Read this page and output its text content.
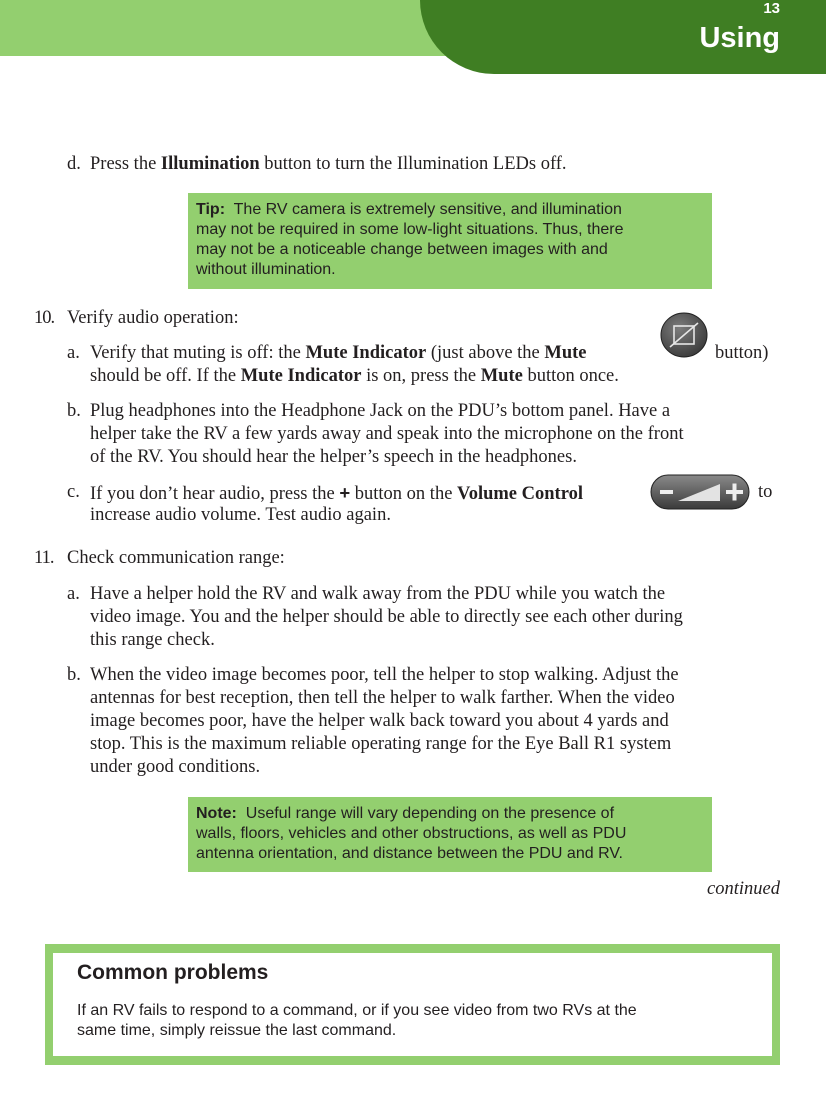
13
Using
d. Press the Illumination button to turn the Illumination LEDs off.
Tip: The RV camera is extremely sensitive, and illumination
may not be required in some low-light situations. Thus, there
may not be a noticeable change between images with and
without illumination.
10. Verify audio operation:
a. Verify that muting is off: the Mute Indicator (just above the Mute	button)
should be off. If the Mute Indicator is on, press the Mute button once.
b. Plug headphones into the Headphone Jack on the PDU’s bottom panel. Have a
helper take the RV a few yards away and speak into the microphone on the front
of the RV. You should hear the helper’s speech in the headphones.
c. If you don’t hear audio, press the + button on the Volume Control	to
increase audio volume. Test audio again.
11. Check communication range:
a. Have a helper hold the RV and walk away from the PDU while you watch the
video image. You and the helper should be able to directly see each other during
this range check.
b. When the video image becomes poor, tell the helper to stop walking. Adjust the
antennas for best reception, then tell the helper to walk farther. When the video
image becomes poor, have the helper walk back toward you about 4 yards and
stop. This is the maximum reliable operating range for the Eye Ball R1 system
under good conditions.
Note: Useful range will vary depending on the presence of
walls, floors, vehicles and other obstructions, as well as PDU
antenna orientation, and distance between the PDU and RV.
continued
Common problems
If an RV fails to respond to a command, or if you see video from two RVs at the
same time, simply reissue the last command.
